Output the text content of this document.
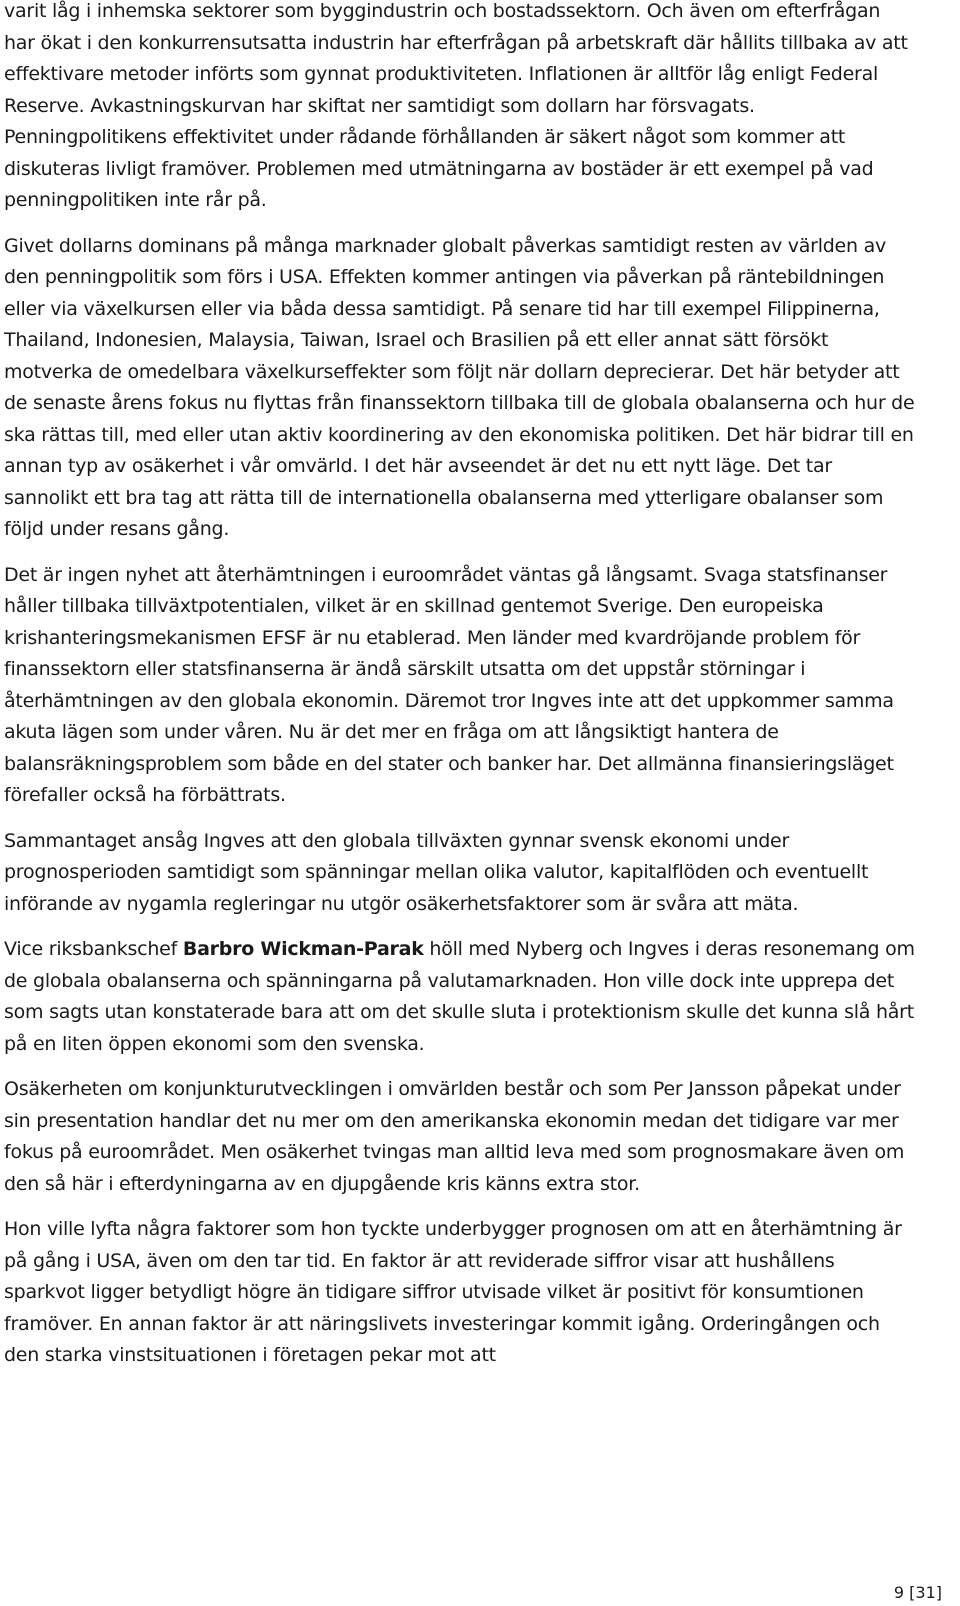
varit låg i inhemska sektorer som byggindustrin och bostadssektorn. Och även om efterfrågan har ökat i den konkurrensutsatta industrin har efterfrågan på arbetskraft där hållits tillbaka av att effektivare metoder införts som gynnat produktiviteten. Inflationen är alltför låg enligt Federal Reserve. Avkastningskurvan har skiftat ner samtidigt som dollarn har försvagats. Penningpolitikens effektivitet under rådande förhållanden är säkert något som kommer att diskuteras livligt framöver. Problemen med utmätningarna av bostäder är ett exempel på vad penningpolitiken inte rår på.

Givet dollarns dominans på många marknader globalt påverkas samtidigt resten av världen av den penningpolitik som förs i USA. Effekten kommer antingen via påverkan på räntebildningen eller via växelkursen eller via båda dessa samtidigt. På senare tid har till exempel Filippinerna, Thailand, Indonesien, Malaysia, Taiwan, Israel och Brasilien på ett eller annat sätt försökt motverka de omedelbara växelkurseffekter som följt när dollarn deprecierar. Det här betyder att de senaste årens fokus nu flyttas från finanssektorn tillbaka till de globala obalanserna och hur de ska rättas till, med eller utan aktiv koordinering av den ekonomiska politiken. Det här bidrar till en annan typ av osäkerhet i vår omvärld. I det här avseendet är det nu ett nytt läge. Det tar sannolikt ett bra tag att rätta till de internationella obalanserna med ytterligare obalanser som följd under resans gång.

Det är ingen nyhet att återhämtningen i euroområdet väntas gå långsamt. Svaga statsfinanser håller tillbaka tillväxtpotentialen, vilket är en skillnad gentemot Sverige. Den europeiska krishanteringsmekanismen EFSF är nu etablerad. Men länder med kvardröjande problem för finanssektorn eller statsfinanserna är ändå särskilt utsatta om det uppstår störningar i återhämtningen av den globala ekonomin. Däremot tror Ingves inte att det uppkommer samma akuta lägen som under våren. Nu är det mer en fråga om att långsiktigt hantera de balansräkningsproblem som både en del stater och banker har. Det allmänna finansieringsläget förefaller också ha förbättrats.

Sammantaget ansåg Ingves att den globala tillväxten gynnar svensk ekonomi under prognosperioden samtidigt som spänningar mellan olika valutor, kapitalflöden och eventuellt införande av nygamla regleringar nu utgör osäkerhetsfaktorer som är svåra att mäta.

Vice riksbankschef Barbro Wickman-Parak höll med Nyberg och Ingves i deras resonemang om de globala obalanserna och spänningarna på valutamarknaden. Hon ville dock inte upprepa det som sagts utan konstaterade bara att om det skulle sluta i protektionism skulle det kunna slå hårt på en liten öppen ekonomi som den svenska.

Osäkerheten om konjunkturutvecklingen i omvärlden består och som Per Jansson påpekat under sin presentation handlar det nu mer om den amerikanska ekonomin medan det tidigare var mer fokus på euroområdet. Men osäkerhet tvingas man alltid leva med som prognosmakare även om den så här i efterdyningarna av en djupgående kris känns extra stor.

Hon ville lyfta några faktorer som hon tyckte underbygger prognosen om att en återhämtning är på gång i USA, även om den tar tid. En faktor är att reviderade siffror visar att hushållens sparkvot ligger betydligt högre än tidigare siffror utvisade vilket är positivt för konsumtionen framöver. En annan faktor är att näringslivets investeringar kommit igång. Orderingången och den starka vinstsituationen i företagen pekar mot att

9 [31]
